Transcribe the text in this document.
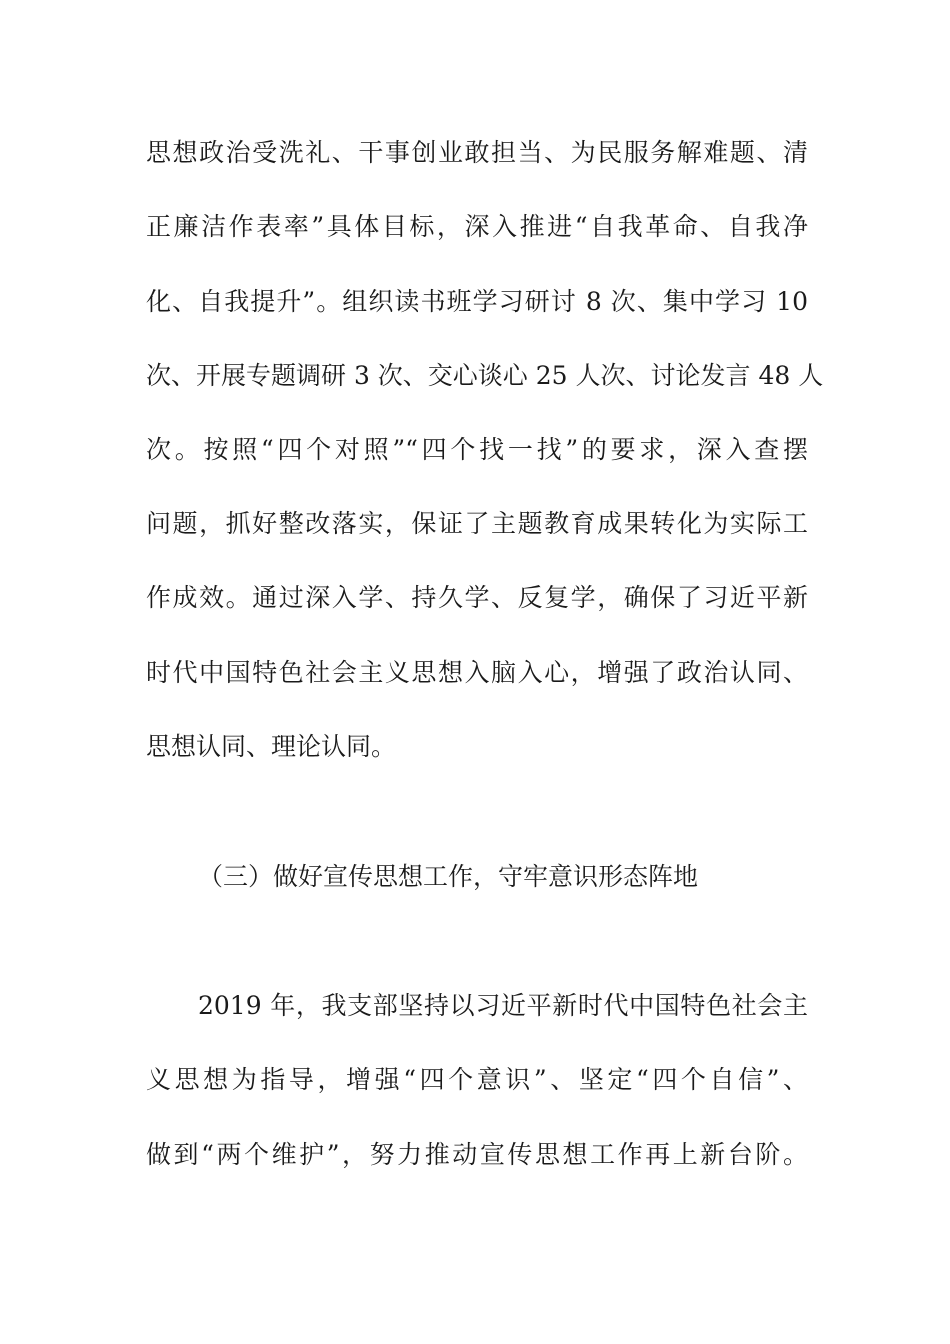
思想政治受洗礼、干事创业敢担当、为民服务解难题、清
正廉洁作表率”具体目标，深入推进“自我革命、自我净
化、自我提升”。组织读书班学习研讨 8 次、集中学习 10
次、开展专题调研 3 次、交心谈心 25 人次、讨论发言 48 人
次。按照“四个对照”“四个找一找”的要求，深入查摆
问题，抓好整改落实，保证了主题教育成果转化为实际工
作成效。通过深入学、持久学、反复学，确保了习近平新
时代中国特色社会主义思想入脑入心，增强了政治认同、
思想认同、理论认同。
（三）做好宣传思想工作，守牢意识形态阵地
2019 年，我支部坚持以习近平新时代中国特色社会主
义思想为指导，增强“四个意识”、坚定“四个自信”、
做到“两个维护”，努力推动宣传思想工作再上新台阶。
